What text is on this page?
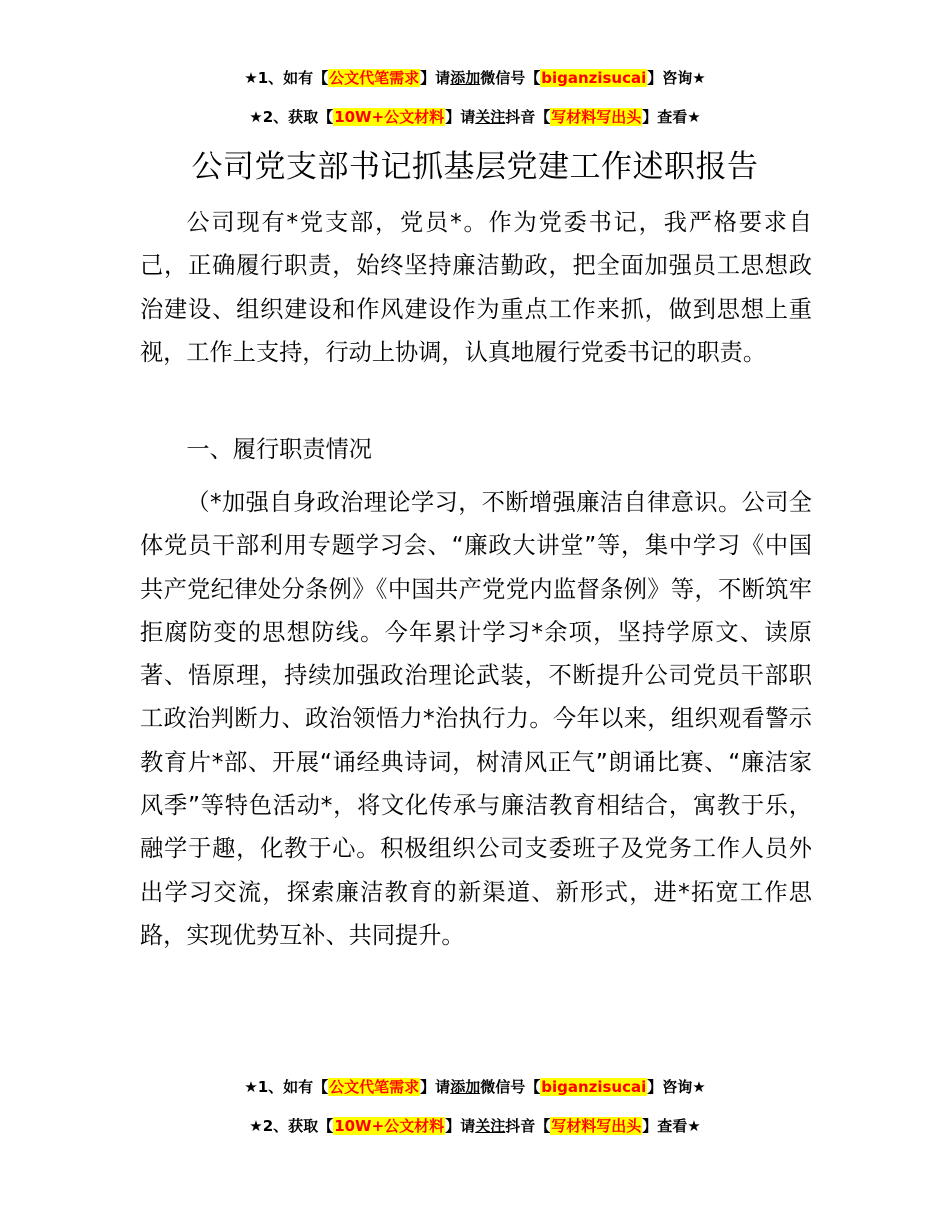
★1、如有【公文代笔需求】请添加微信号【biganzisucai】咨询★
★2、获取【10W+公文材料】请关注抖音【写材料写出头】查看★
公司党支部书记抓基层党建工作述职报告

公司现有*党支部，党员*。作为党委书记，我严格要求自己，正确履行职责，始终坚持廉洁勤政，把全面加强员工思想政治建设、组织建设和作风建设作为重点工作来抓，做到思想上重视，工作上支持，行动上协调，认真地履行党委书记的职责。

一、履行职责情况

（*加强自身政治理论学习，不断增强廉洁自律意识。公司全体党员干部利用专题学习会、“廉政大讲堂”等，集中学习《中国共产党纪律处分条例》《中国共产党党内监督条例》等，不断筑牢拒腐防变的思想防线。今年累计学习*余项，坚持学原文、读原著、悟原理，持续加强政治理论武装，不断提升公司党员干部职工政治判断力、政治领悟力*治执行力。今年以来，组织观看警示教育片*部、开展“诵经典诗词，树清风正气”朗诵比赛、“廉洁家风季”等特色活动*，将文化传承与廉洁教育相结合，寓教于乐，融学于趣，化教于心。积极组织公司支委班子及党务工作人员外出学习交流，探索廉洁教育的新渠道、新形式，进*拓宽工作思路，实现优势互补、共同提升。

★1、如有【公文代笔需求】请添加微信号【biganzisucai】咨询★
★2、获取【10W+公文材料】请关注抖音【写材料写出头】查看★
